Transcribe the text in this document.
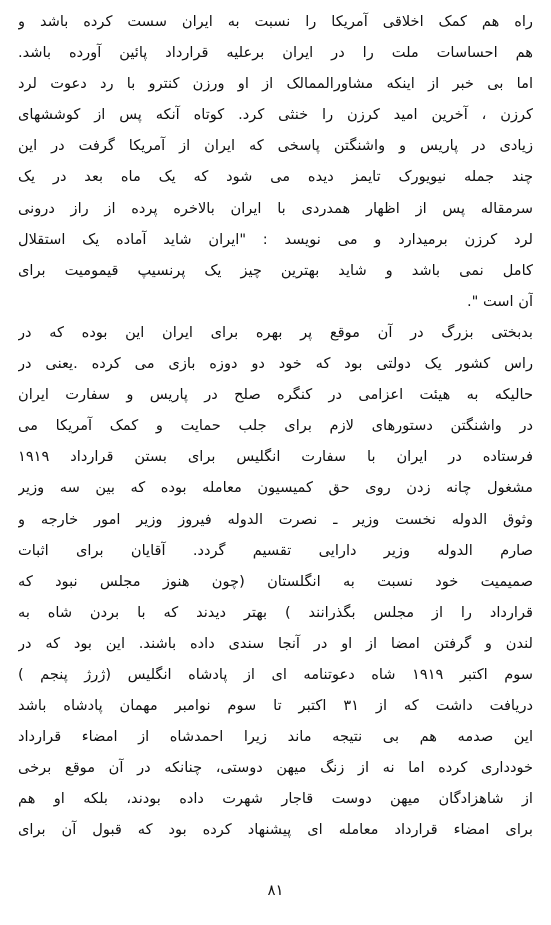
راه هم کمک اخلاقی آمریکا را نسبت به ایران سست کرده باشد و
هم احساسات ملت را در ایران برعلیه قرارداد پائین آورده باشد.
اما بی خبر از اینکه مشاورالممالک از او ورزن کنترو با رد دعوت لرد
کرزن ، آخرین امید کرزن را خنثی کرد. کوتاه آنکه پس از کوششهای
زیادی در پاریس و واشنگتن پاسخی که ایران از آمریکا گرفت در این
چند جمله نیویورک تایمز دیده می شود که یک ماه بعد در یک
سرمقاله پس از اظهار همدردی با ایران بالاخره پرده از راز درونی
لرد کرزن برمیدارد و می نویسد : "ایران شاید آماده یک استقلال
کامل نمی باشد و شاید بهترین چیز یک پرنسیپ قیمومیت برای
آن است ".
بدبختی بزرگ در آن موقع پر بهره برای ایران این بوده که در
راس کشور یک دولتی بود که خود دو دوزه بازی می کرده .یعنی در
حالیکه به هیئت اعزامی در کنگره صلح در پاریس و سفارت ایران
در واشنگتن دستورهای لازم برای جلب حمایت و کمک آمریکا می
فرستاده در ایران با سفارت انگلیس برای بستن قرارداد ۱۹۱۹
مشغول چانه زدن روی حق کمیسیون معامله بوده که بین سه وزیر
وثوق الدوله نخست وزیر ـ نصرت الدوله فیروز وزیر امور خارجه و
صارم الدوله وزیر دارایی تقسیم گردد. آقایان برای اثبات
صمیمیت خود نسبت به انگلستان (چون هنوز مجلس نبود که
قرارداد را از مجلس بگذرانند ) بهتر دیدند که با بردن شاه به
لندن و گرفتن امضا از او در آنجا سندی داده باشند. این بود که در
سوم اکتبر ۱۹۱۹ شاه دعوتنامه ای از پادشاه انگلیس (ژرژ پنجم )
دریافت داشت که از ۳۱ اکتبر تا سوم نوامبر مهمان پادشاه باشد
این صدمه هم بی نتیجه ماند زیرا احمدشاه از امضاء قرارداد
خودداری کرده اما نه از زنگ میهن دوستی، چنانکه در آن موقع برخی
از شاهزادگان میهن دوست قاجار شهرت داده بودند، بلکه او هم
برای امضاء قرارداد معامله ای پیشنهاد کرده بود که قبول آن برای
۸۱
